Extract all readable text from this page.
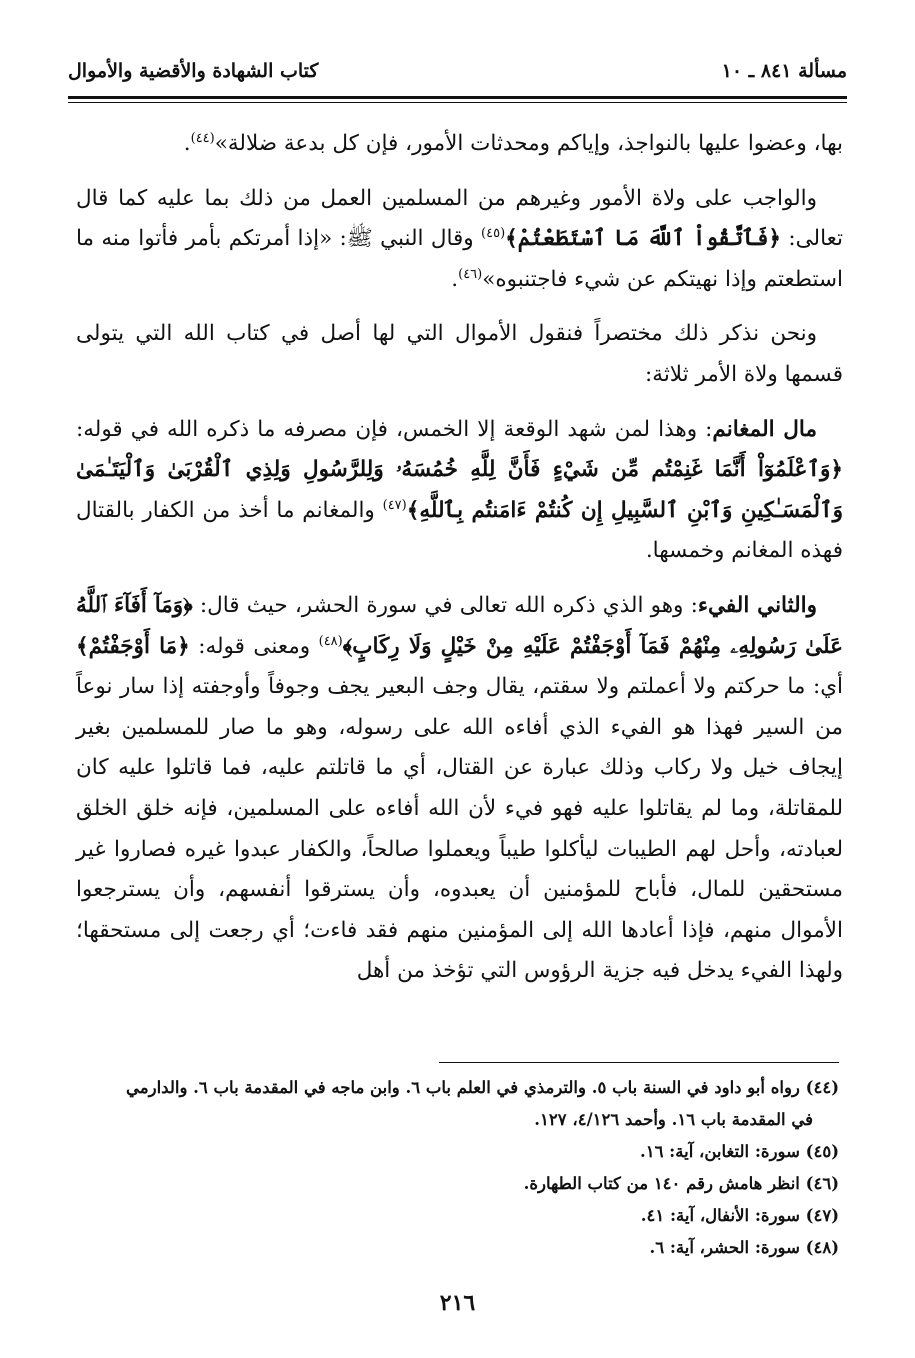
مسألة ٨٤١ ـ ١٠
كتاب الشهادة والأقضية والأموال

بها، وعضوا عليها بالنواجذ، وإياكم ومحدثات الأمور، فإن كل بدعة ضلالة»$^{(٤٤)}$.

والواجب على ولاة الأمور وغيرهم من المسلمين العمل من ذلك بما عليه كما قال تعالى: ﴿فَٱتَّقُواْ ٱللَّهَ مَا ٱسْتَطَعْتُمْ﴾$^{(٤٥)}$ وقال النبي ﷺ: «إذا أمرتكم بأمر فأتوا منه ما استطعتم وإذا نهيتكم عن شيء فاجتنبوه»$^{(٤٦)}$.

ونحن نذكر ذلك مختصراً فنقول الأموال التي لها أصل في كتاب الله التي يتولى قسمها ولاة الأمر ثلاثة:

مال المغانم: وهذا لمن شهد الوقعة إلا الخمس، فإن مصرفه ما ذكره الله في قوله: ﴿وَٱعْلَمُوٓاْ أَنَّمَا غَنِمْتُم مِّن شَيْءٍ فَأَنَّ لِلَّهِ خُمُسَهُۥ وَلِلرَّسُولِ وَلِذِي ٱلْقُرْبَىٰ وَٱلْيَتَـٰمَىٰ وَٱلْمَسَـٰكِينِ وَٱبْنِ ٱلسَّبِيلِ إِن كُنتُمْ ءَامَنتُم بِٱللَّهِ﴾$^{(٤٧)}$ والمغانم ما أخذ من الكفار بالقتال فهذه المغانم وخمسها.

والثاني الفيء: وهو الذي ذكره الله تعالى في سورة الحشر، حيث قال: ﴿وَمَآ أَفَآءَ ٱللَّهُ عَلَىٰ رَسُولِهِۦ مِنْهُمْ فَمَآ أَوْجَفْتُمْ عَلَيْهِ مِنْ خَيْلٍ وَلَا رِكَابٍ﴾$^{(٤٨)}$ ومعنى قوله: ﴿مَا أَوْجَفْتُمْ﴾ أي: ما حركتم ولا أعملتم ولا سقتم، يقال وجف البعير يجف وجوفاً وأوجفته إذا سار نوعاً من السير فهذا هو الفيء الذي أفاءه الله على رسوله، وهو ما صار للمسلمين بغير إيجاف خيل ولا ركاب وذلك عبارة عن القتال، أي ما قاتلتم عليه، فما قاتلوا عليه كان للمقاتلة، وما لم يقاتلوا عليه فهو فيء لأن الله أفاءه على المسلمين، فإنه خلق الخلق لعبادته، وأحل لهم الطيبات ليأكلوا طيباً ويعملوا صالحاً، والكفار عبدوا غيره فصاروا غير مستحقين للمال، فأباح للمؤمنين أن يعبدوه، وأن يسترقوا أنفسهم، وأن يسترجعوا الأموال منهم، فإذا أعادها الله إلى المؤمنين منهم فقد فاءت؛ أي رجعت إلى مستحقها؛ ولهذا الفيء يدخل فيه جزية الرؤوس التي تؤخذ من أهل

(٤٤) رواه أبو داود في السنة باب ٥. والترمذي في العلم باب ٦. وابن ماجه في المقدمة باب ٦. والدارمي
في المقدمة باب ١٦. وأحمد ٤/١٢٦، ١٢٧.
(٤٥) سورة: التغابن، آية: ١٦.
(٤٦) انظر هامش رقم ١٤٠ من كتاب الطهارة.
(٤٧) سورة: الأنفال، آية: ٤١.
(٤٨) سورة: الحشر، آية: ٦.
٢١٦
